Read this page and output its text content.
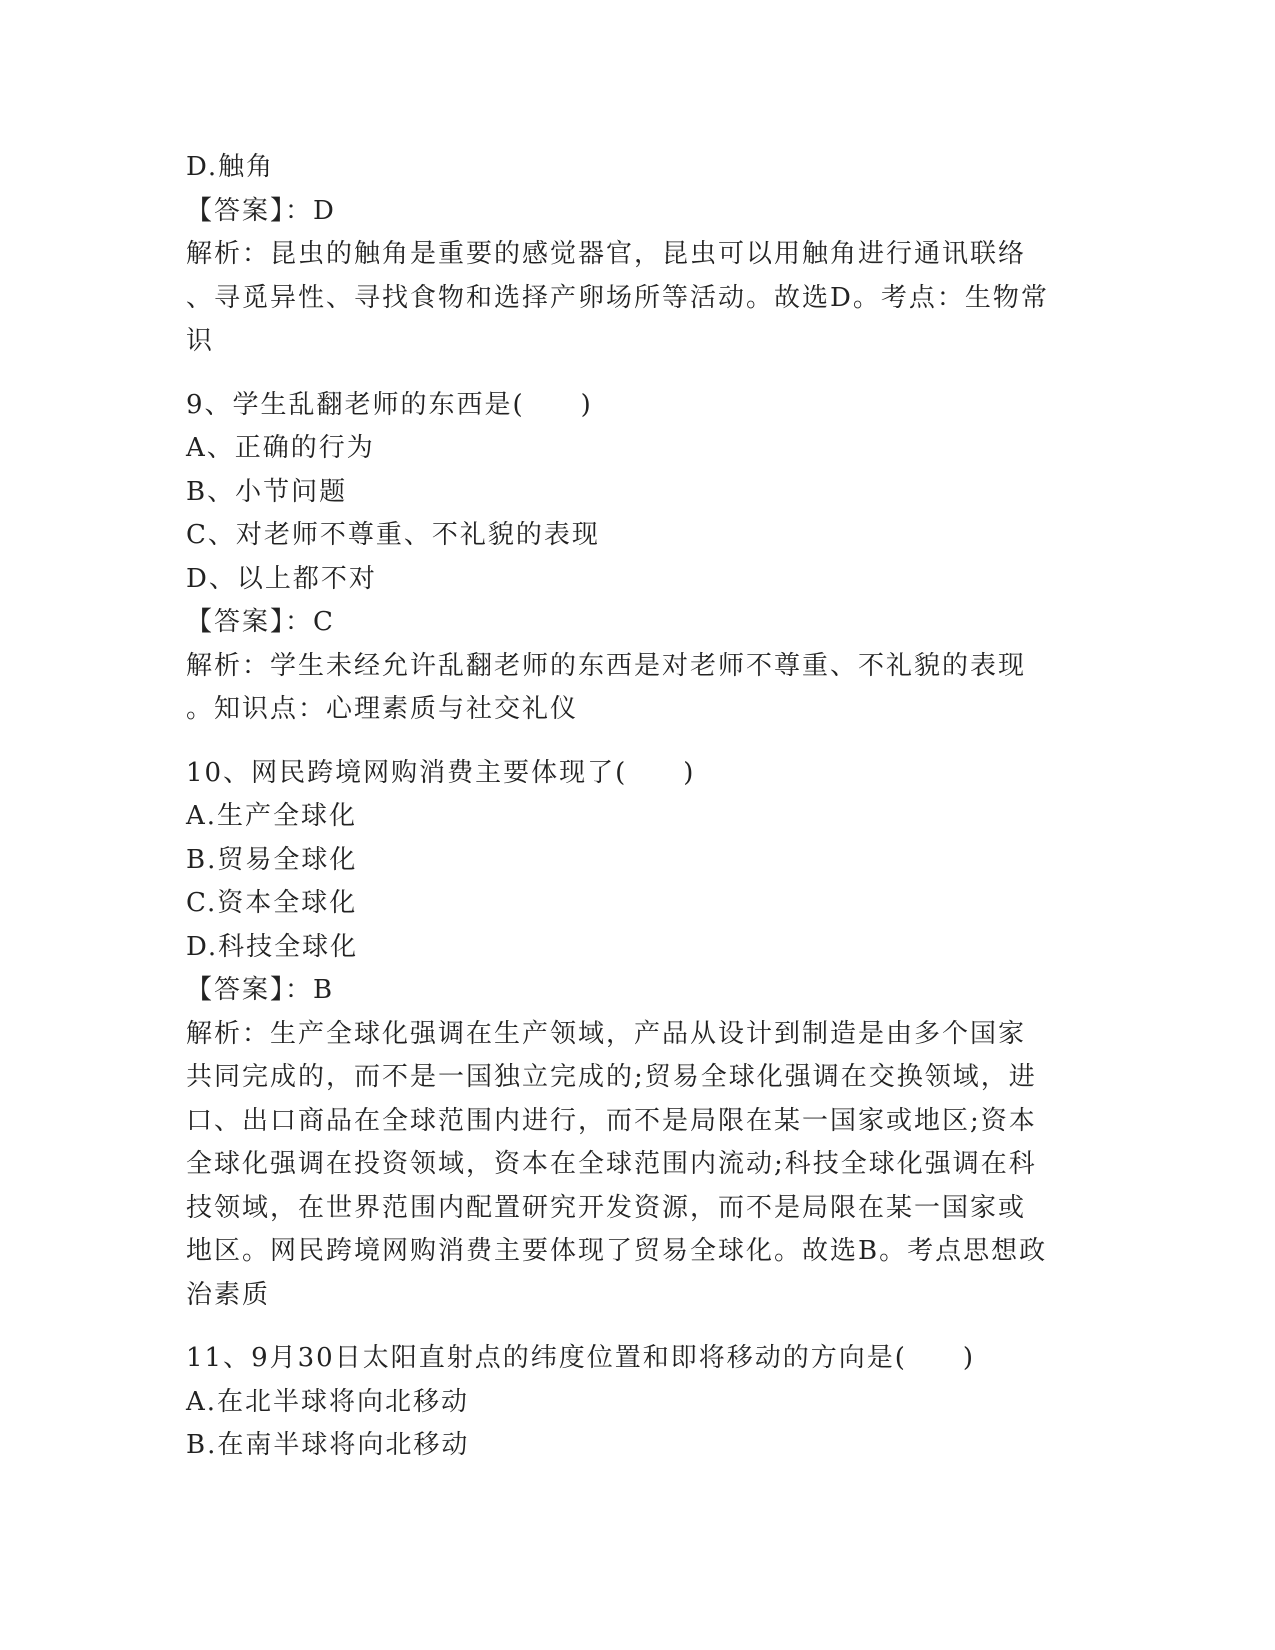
D.触角
【答案】：D
解析：昆虫的触角是重要的感觉器官，昆虫可以用触角进行通讯联络
、寻觅异性、寻找食物和选择产卵场所等活动。故选D。考点：生物常
识
9、学生乱翻老师的东西是(　　)
A、正确的行为
B、小节问题
C、对老师不尊重、不礼貌的表现
D、以上都不对
【答案】：C
解析：学生未经允许乱翻老师的东西是对老师不尊重、不礼貌的表现
。知识点：心理素质与社交礼仪
10、网民跨境网购消费主要体现了(　　)
A.生产全球化
B.贸易全球化
C.资本全球化
D.科技全球化
【答案】：B
解析：生产全球化强调在生产领域，产品从设计到制造是由多个国家
共同完成的，而不是一国独立完成的;贸易全球化强调在交换领域，进
口、出口商品在全球范围内进行，而不是局限在某一国家或地区;资本
全球化强调在投资领域，资本在全球范围内流动;科技全球化强调在科
技领域，在世界范围内配置研究开发资源，而不是局限在某一国家或
地区。网民跨境网购消费主要体现了贸易全球化。故选B。考点思想政
治素质
11、9月30日太阳直射点的纬度位置和即将移动的方向是(　　)
A.在北半球将向北移动
B.在南半球将向北移动
